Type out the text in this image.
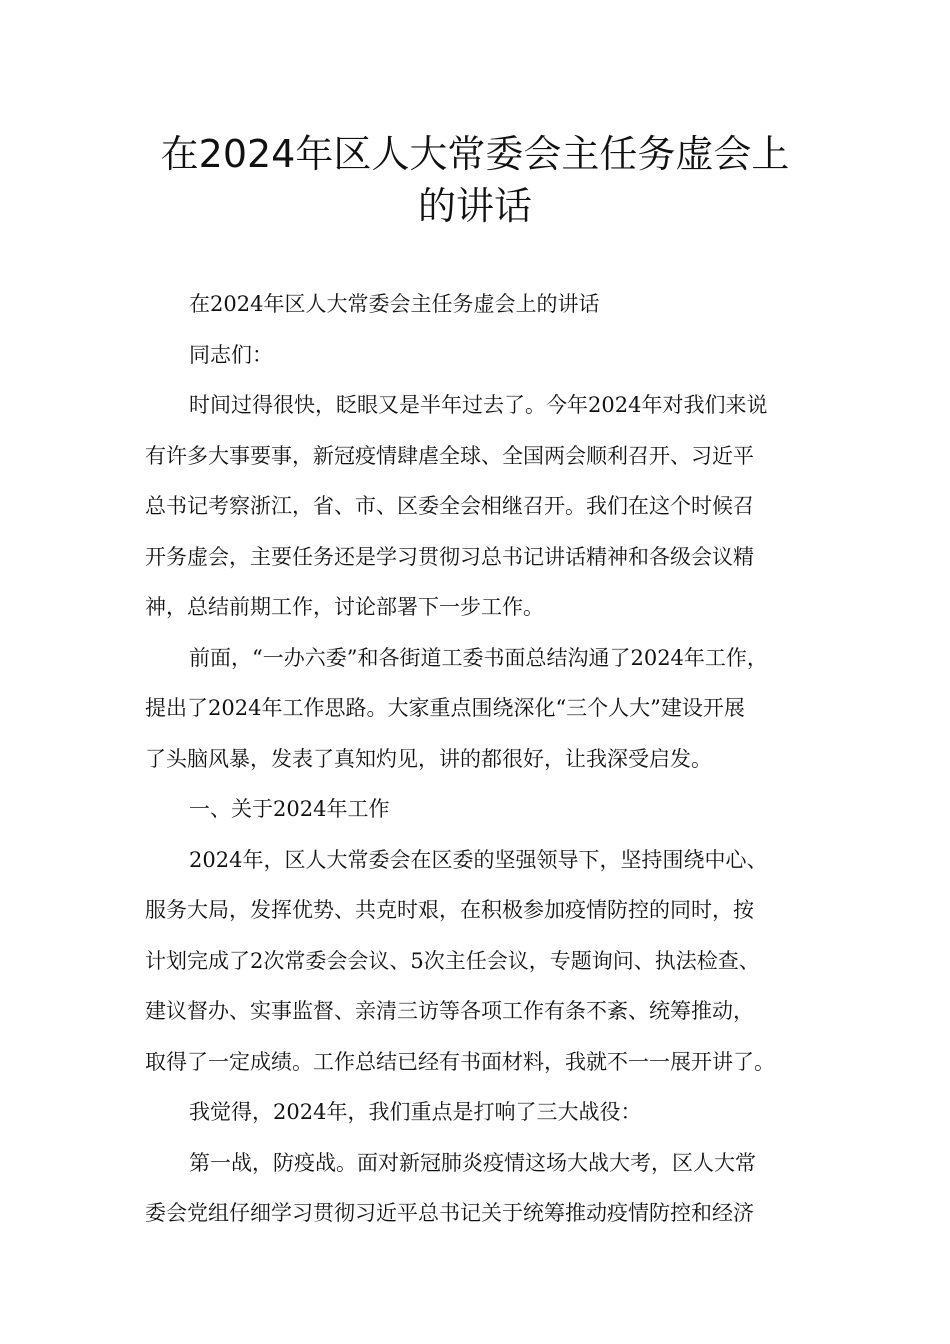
在2024年区人大常委会主任务虚会上
的讲话
在2024年区人大常委会主任务虚会上的讲话
同志们：
时间过得很快，眨眼又是半年过去了。今年2024年对我们来说
有许多大事要事，新冠疫情肆虐全球、全国两会顺利召开、习近平
总书记考察浙江，省、市、区委全会相继召开。我们在这个时候召
开务虚会，主要任务还是学习贯彻习总书记讲话精神和各级会议精
神，总结前期工作，讨论部署下一步工作。
前面，“一办六委”和各街道工委书面总结沟通了2024年工作，
提出了2024年工作思路。大家重点围绕深化“三个人大”建设开展
了头脑风暴，发表了真知灼见，讲的都很好，让我深受启发。
一、关于2024年工作
2024年，区人大常委会在区委的坚强领导下，坚持围绕中心、
服务大局，发挥优势、共克时艰，在积极参加疫情防控的同时，按
计划完成了2次常委会会议、5次主任会议，专题询问、执法检查、
建议督办、实事监督、亲清三访等各项工作有条不紊、统筹推动，
取得了一定成绩。工作总结已经有书面材料，我就不一一展开讲了。
我觉得，2024年，我们重点是打响了三大战役：
第一战，防疫战。面对新冠肺炎疫情这场大战大考，区人大常
委会党组仔细学习贯彻习近平总书记关于统筹推动疫情防控和经济
